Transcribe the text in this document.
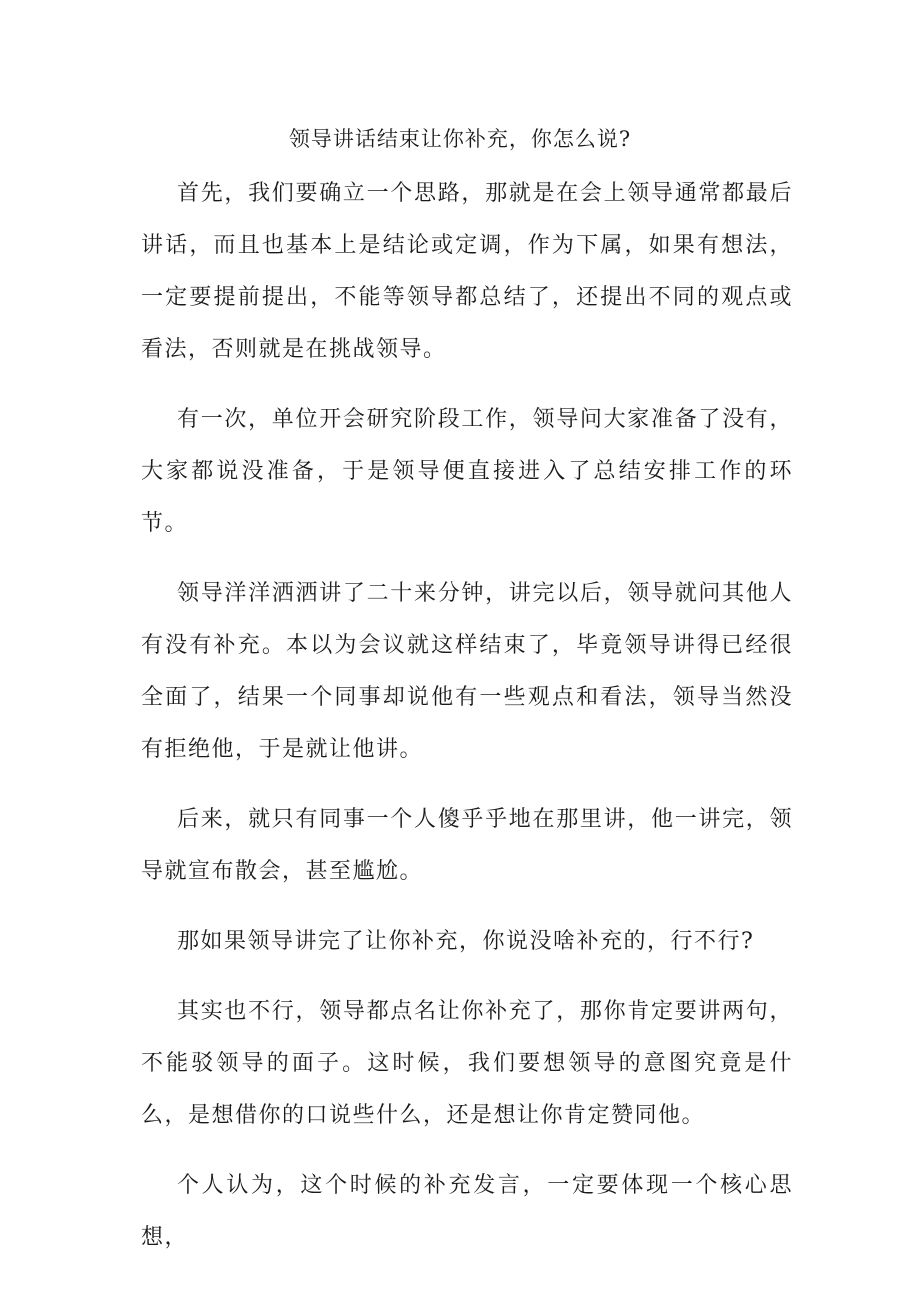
领导讲话结束让你补充，你怎么说?

首先，我们要确立一个思路，那就是在会上领导通常都最后讲话，而且也基本上是结论或定调，作为下属，如果有想法，一定要提前提出，不能等领导都总结了，还提出不同的观点或看法，否则就是在挑战领导。

有一次，单位开会研究阶段工作，领导问大家准备了没有，大家都说没准备，于是领导便直接进入了总结安排工作的环节。

领导洋洋洒洒讲了二十来分钟，讲完以后，领导就问其他人有没有补充。本以为会议就这样结束了，毕竟领导讲得已经很全面了，结果一个同事却说他有一些观点和看法，领导当然没有拒绝他，于是就让他讲。

后来，就只有同事一个人傻乎乎地在那里讲，他一讲完，领导就宣布散会，甚至尴尬。

那如果领导讲完了让你补充，你说没啥补充的，行不行?

其实也不行，领导都点名让你补充了，那你肯定要讲两句，不能驳领导的面子。这时候，我们要想领导的意图究竟是什么，是想借你的口说些什么，还是想让你肯定赞同他。

个人认为，这个时候的补充发言，一定要体现一个核心思想，
